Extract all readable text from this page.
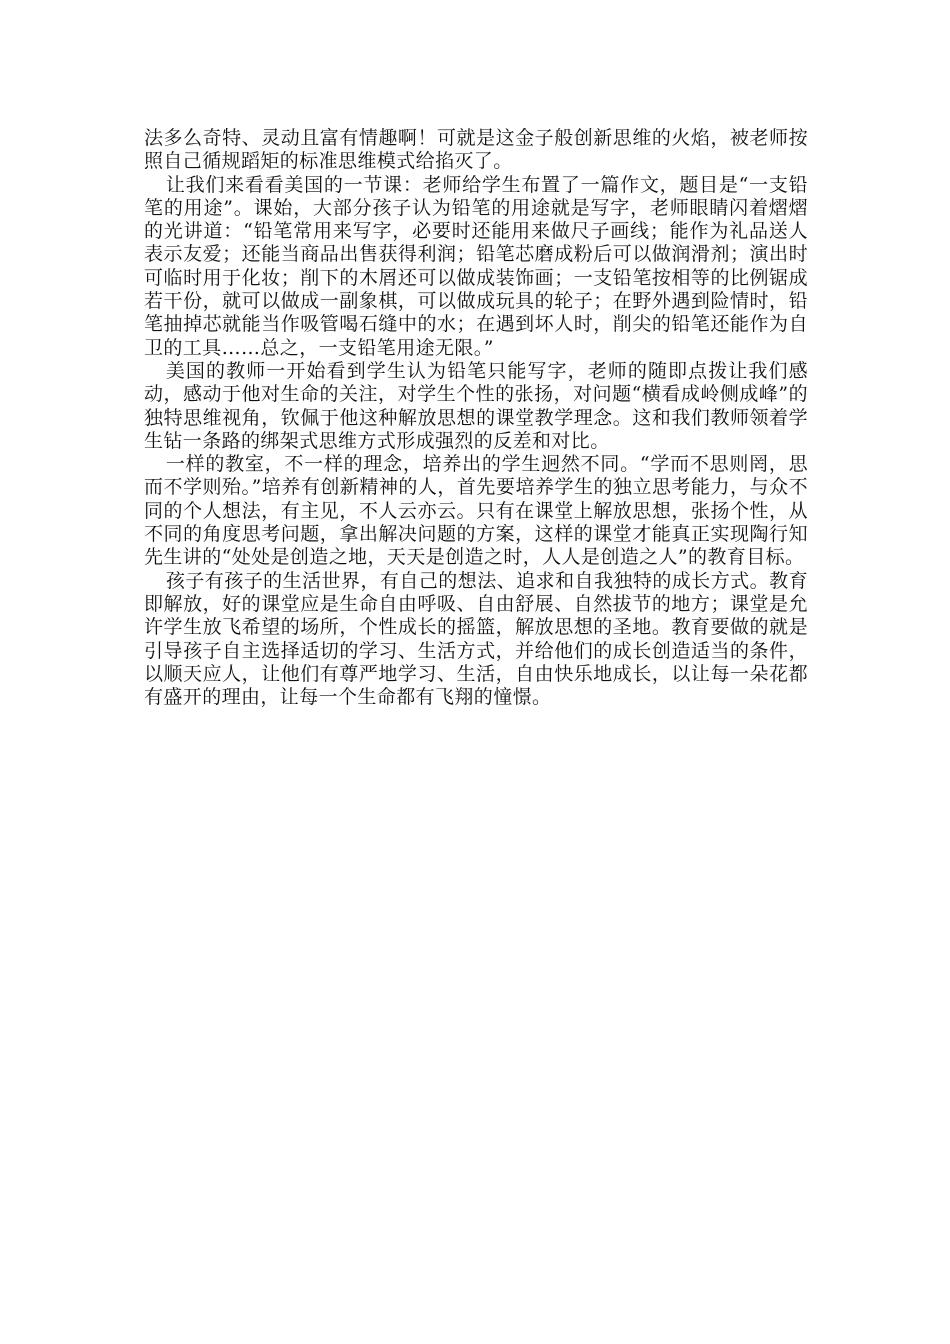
法多么奇特、灵动且富有情趣啊！可就是这金子般创新思维的火焰，被老师按照自己循规蹈矩的标准思维模式给掐灭了。

让我们来看看美国的一节课：老师给学生布置了一篇作文，题目是“一支铅笔的用途”。课始，大部分孩子认为铅笔的用途就是写字，老师眼睛闪着熠熠的光讲道：“铅笔常用来写字，必要时还能用来做尺子画线；能作为礼品送人表示友爱；还能当商品出售获得利润；铅笔芯磨成粉后可以做润滑剂；演出时可临时用于化妆；削下的木屑还可以做成装饰画；一支铅笔按相等的比例锯成若干份，就可以做成一副象棋，可以做成玩具的轮子；在野外遇到险情时，铅笔抽掉芯就能当作吸管喝石缝中的水；在遇到坏人时，削尖的铅笔还能作为自卫的工具……总之，一支铅笔用途无限。”

美国的教师一开始看到学生认为铅笔只能写字，老师的随即点拨让我们感动，感动于他对生命的关注，对学生个性的张扬，对问题“横看成岭侧成峰”的独特思维视角，钦佩于他这种解放思想的课堂教学理念。这和我们教师领着学生钻一条路的绑架式思维方式形成强烈的反差和对比。

一样的教室，不一样的理念，培养出的学生迥然不同。“学而不思则罔，思而不学则殆。”培养有创新精神的人，首先要培养学生的独立思考能力，与众不同的个人想法，有主见，不人云亦云。只有在课堂上解放思想，张扬个性，从不同的角度思考问题，拿出解决问题的方案，这样的课堂才能真正实现陶行知先生讲的“处处是创造之地，天天是创造之时，人人是创造之人”的教育目标。

孩子有孩子的生活世界，有自己的想法、追求和自我独特的成长方式。教育即解放，好的课堂应是生命自由呼吸、自由舒展、自然拔节的地方；课堂是允许学生放飞希望的场所，个性成长的摇篮，解放思想的圣地。教育要做的就是引导孩子自主选择适切的学习、生活方式，并给他们的成长创造适当的条件，以顺天应人，让他们有尊严地学习、生活，自由快乐地成长，以让每一朵花都有盛开的理由，让每一个生命都有飞翔的憧憬。
